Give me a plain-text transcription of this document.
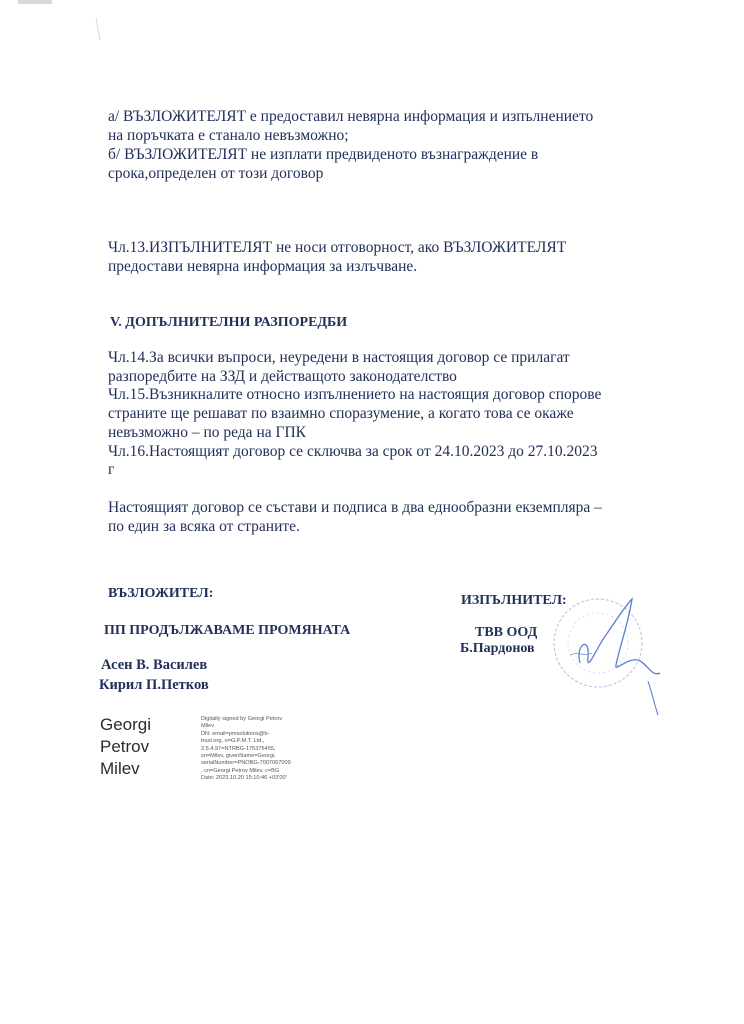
а/ ВЪЗЛОЖИТЕЛЯТ е предоставил невярна информация и изпълнението
на поръчката е станало невъзможно;
б/ ВЪЗЛОЖИТЕЛЯТ не изплати предвиденото възнаграждение в
срока,определен от този договор
Чл.13.ИЗПЪЛНИТЕЛЯТ не носи отговорност, ако ВЪЗЛОЖИТЕЛЯТ
предостави невярна информация за излъчване.
V. ДОПЪЛНИТЕЛНИ РАЗПОРЕДБИ
Чл.14.За всички въпроси, неуредени в настоящия договор се прилагат
разпоредбите на ЗЗД и действащото законодателство
Чл.15.Възникналите относно изпълнението на настоящия договор спорове
страните ще решават по взаимно споразумение, а когато това се окаже
невъзможно – по реда на ГПК
Чл.16.Настоящият договор се сключва за срок от 24.10.2023 до 27.10.2023
г
Настоящият договор се състави и подписа в два еднообразни екземпляра –
по един за всяка от страните.
ВЪЗЛОЖИТЕЛ:
ПП ПРОДЪЛЖАВАМЕ ПРОМЯНАТА
Асен В. Василев
Кирил П.Петков
ИЗПЪЛНИТЕЛ:
ТВВ ООД
Б.Пардонов
Georgi
Petrov
Milev
Digitally signed by Georgi Petrov
Milev
DN: email=pmsolutions@b-
trust.org, o=G.P.M.T. Ltd.,
2.5.4.97=NTRBG-175376455,
sn=Milev, givenName=Georgi,
serialNumber=PNOBG-7007067009
, cn=Georgi Petrov Milev, c=BG
Date: 2023.10.20 15:10:46 +03'00'
